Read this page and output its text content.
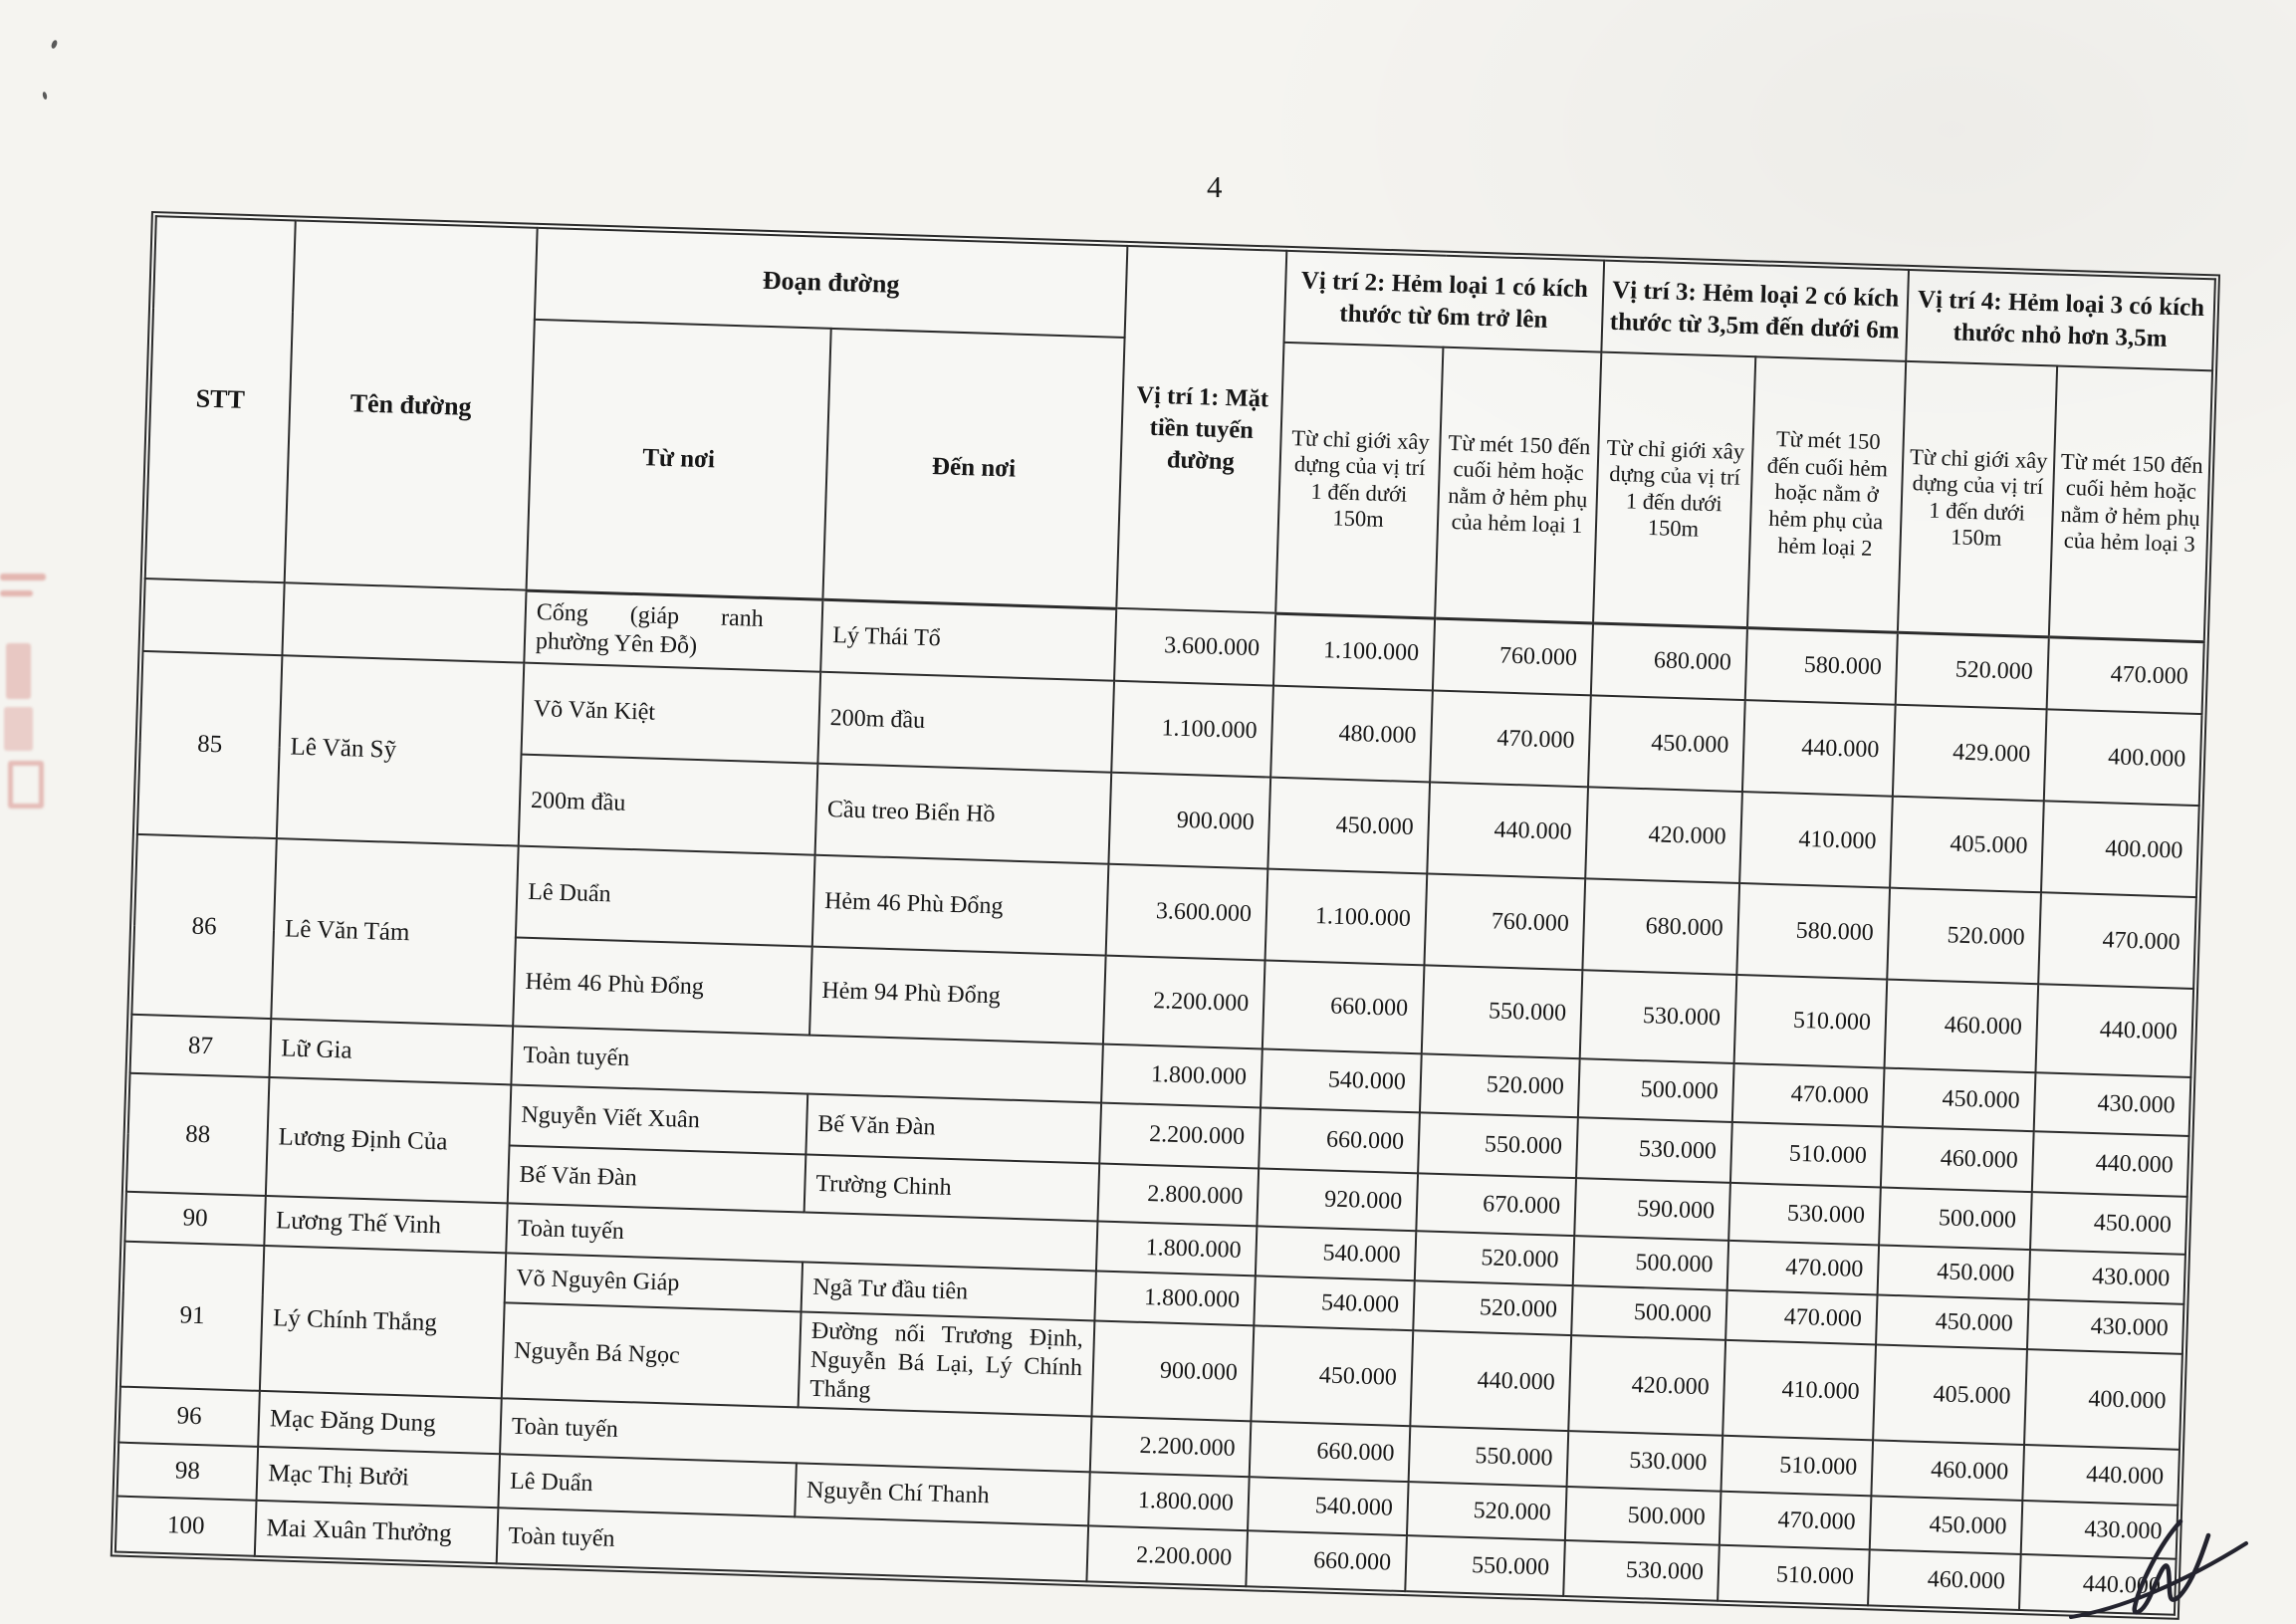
4
STT	Tên đường	Đoạn đường		Vị trí 1: Mặt tiền tuyến đường	Vị trí 2: Hẻm loại 1 có kích thước từ 6m trở lên		Vị trí 3: Hẻm loại 2 có kích thước từ 3,5m đến dưới 6m		Vị trí 4: Hẻm loại 3 có kích thước nhỏ hơn 3,5m	
		Từ nơi	Đến nơi		Từ chỉ giới xây dựng của vị trí 1 đến dưới 150m	Từ mét 150 đến cuối hẻm hoặc nằm ở hẻm phụ của hẻm loại 1	Từ chỉ giới xây dựng của vị trí 1 đến dưới 150m	Từ mét 150 đến cuối hẻm hoặc nằm ở hẻm phụ của hẻm loại 2	Từ chỉ giới xây dựng của vị trí 1 đến dưới 150m	Từ mét 150 đến cuối hẻm hoặc nằm ở hẻm phụ của hẻm loại 3
		Cống (giáp ranh phường Yên Đỗ)	Lý Thái Tổ	3.600.000	1.100.000	760.000	680.000	580.000	520.000	470.000
85	Lê Văn Sỹ	Võ Văn Kiệt	200m đầu	1.100.000	480.000	470.000	450.000	440.000	429.000	400.000
		200m đầu	Cầu treo Biển Hồ	900.000	450.000	440.000	420.000	410.000	405.000	400.000
86	Lê Văn Tám	Lê Duẩn	Hẻm 46 Phù Đổng	3.600.000	1.100.000	760.000	680.000	580.000	520.000	470.000
		Hẻm 46 Phù Đổng	Hẻm 94 Phù Đổng	2.200.000	660.000	550.000	530.000	510.000	460.000	440.000
87	Lữ Gia	Toàn tuyến		1.800.000	540.000	520.000	500.000	470.000	450.000	430.000
88	Lương Định Của	Nguyễn Viết Xuân	Bế Văn Đàn	2.200.000	660.000	550.000	530.000	510.000	460.000	440.000
		Bế Văn Đàn	Trường Chinh	2.800.000	920.000	670.000	590.000	530.000	500.000	450.000
90	Lương Thế Vinh	Toàn tuyến		1.800.000	540.000	520.000	500.000	470.000	450.000	430.000
91	Lý Chính Thắng	Võ Nguyên Giáp	Ngã Tư đầu tiên	1.800.000	540.000	520.000	500.000	470.000	450.000	430.000
		Nguyễn Bá Ngọc	Đường nối Trương Định, Nguyễn Bá Lại, Lý Chính Thắng	900.000	450.000	440.000	420.000	410.000	405.000	400.000
96	Mạc Đăng Dung	Toàn tuyến		2.200.000	660.000	550.000	530.000	510.000	460.000	440.000
98	Mạc Thị Bưởi	Lê Duẩn	Nguyễn Chí Thanh	1.800.000	540.000	520.000	500.000	470.000	450.000	430.000
100	Mai Xuân Thưởng	Toàn tuyến		2.200.000	660.000	550.000	530.000	510.000	460.000	440.000
